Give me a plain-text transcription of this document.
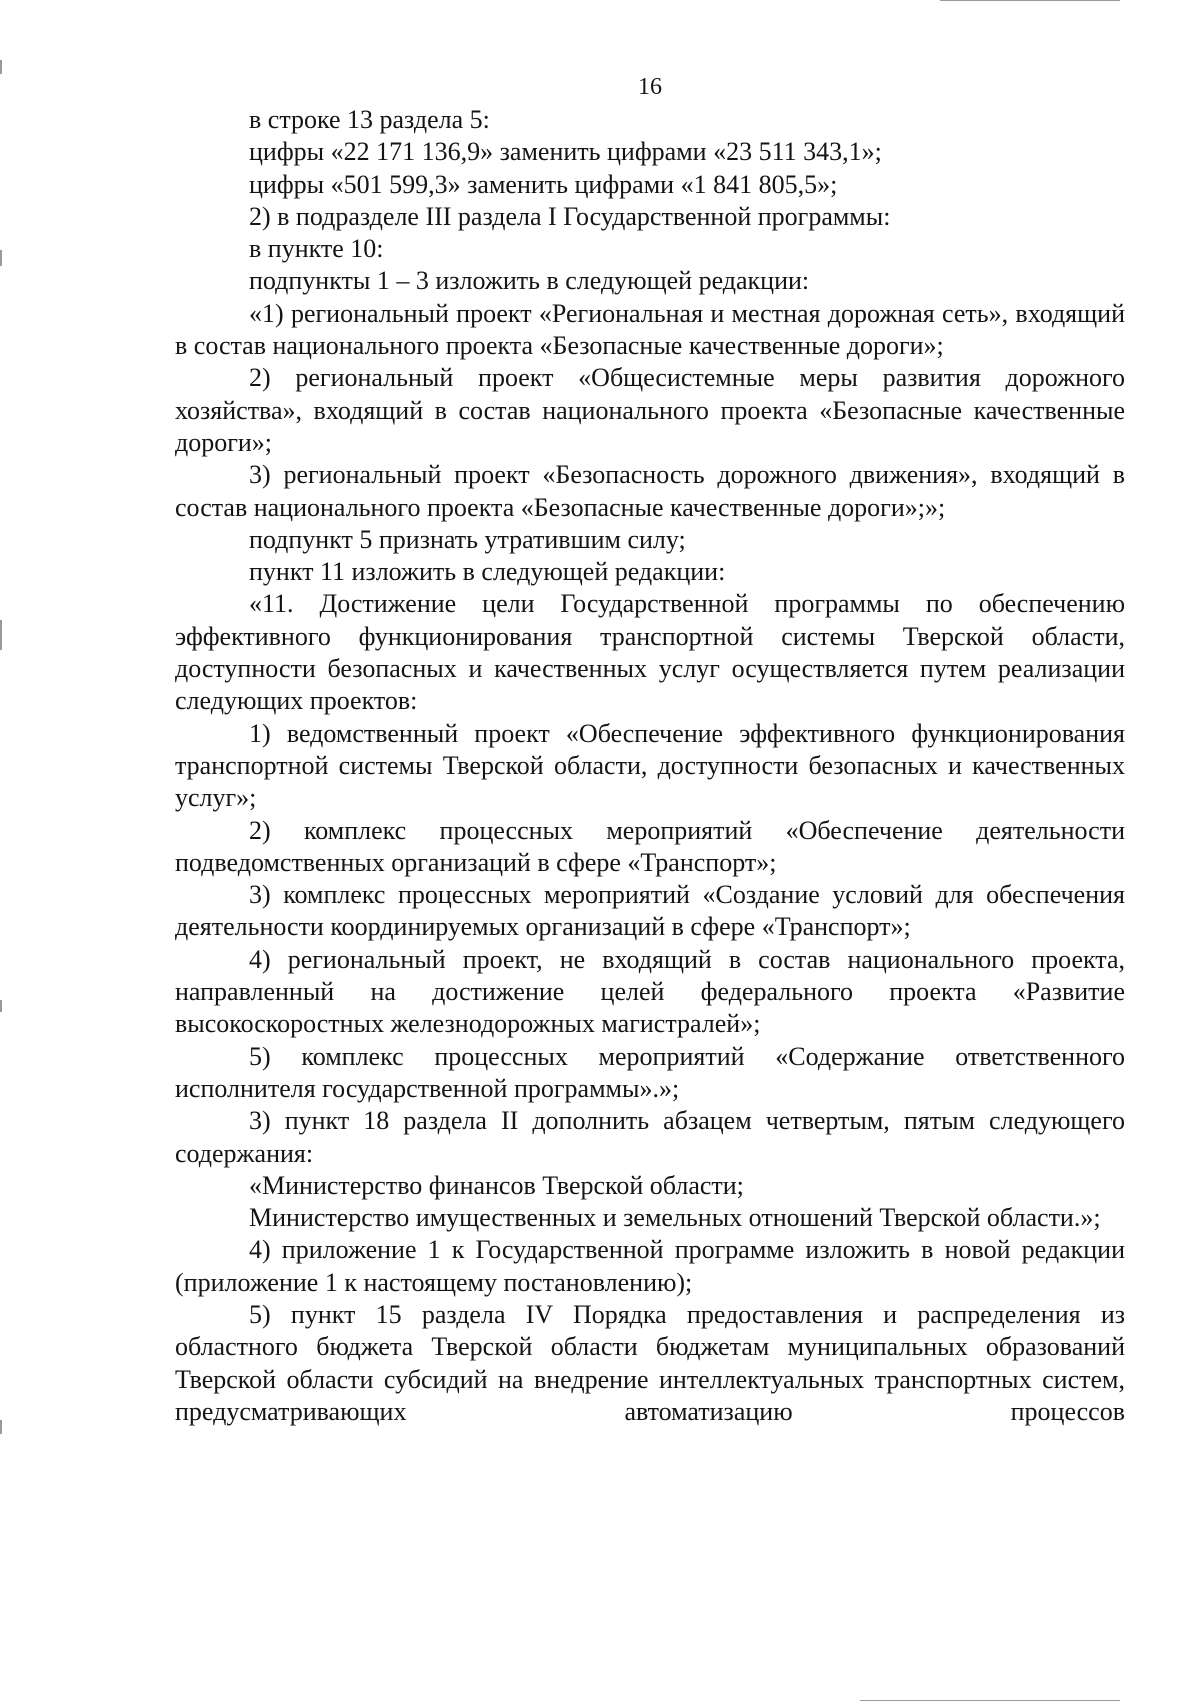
16

в строке 13 раздела 5:

цифры «22 171 136,9» заменить цифрами «23 511 343,1»;

цифры «501 599,3» заменить цифрами «1 841 805,5»;

2) в подразделе III раздела I Государственной программы:

в пункте 10:

подпункты 1 – 3 изложить в следующей редакции:

«1) региональный проект «Региональная и местная дорожная сеть», входящий в состав национального проекта «Безопасные качественные дороги»;

2) региональный проект «Общесистемные меры развития дорожного хозяйства», входящий в состав национального проекта «Безопасные качественные дороги»;

3) региональный проект «Безопасность дорожного движения», входящий в состав национального проекта «Безопасные качественные дороги»;»;

подпункт 5 признать утратившим силу;

пункт 11 изложить в следующей редакции:

«11. Достижение цели Государственной программы по обеспечению эффективного функционирования транспортной системы Тверской области, доступности безопасных и качественных услуг осуществляется путем реализации следующих проектов:

1) ведомственный проект «Обеспечение эффективного функционирования транспортной системы Тверской области, доступности безопасных и качественных услуг»;

2) комплекс процессных мероприятий «Обеспечение деятельности подведомственных организаций в сфере «Транспорт»;

3) комплекс процессных мероприятий «Создание условий для обеспечения деятельности координируемых организаций в сфере «Транспорт»;

4) региональный проект, не входящий в состав национального проекта, направленный на достижение целей федерального проекта «Развитие высокоскоростных железнодорожных магистралей»;

5) комплекс процессных мероприятий «Содержание ответственного исполнителя государственной программы».»;

3) пункт 18 раздела II дополнить абзацем четвертым, пятым следующего содержания:

«Министерство финансов Тверской области;

Министерство имущественных и земельных отношений Тверской области.»;

4) приложение 1 к Государственной программе изложить в новой редакции (приложение 1 к настоящему постановлению);

5) пункт 15 раздела IV Порядка предоставления и распределения из областного бюджета Тверской области бюджетам муниципальных образований Тверской области субсидий на внедрение интеллектуальных транспортных систем, предусматривающих автоматизацию процессов
